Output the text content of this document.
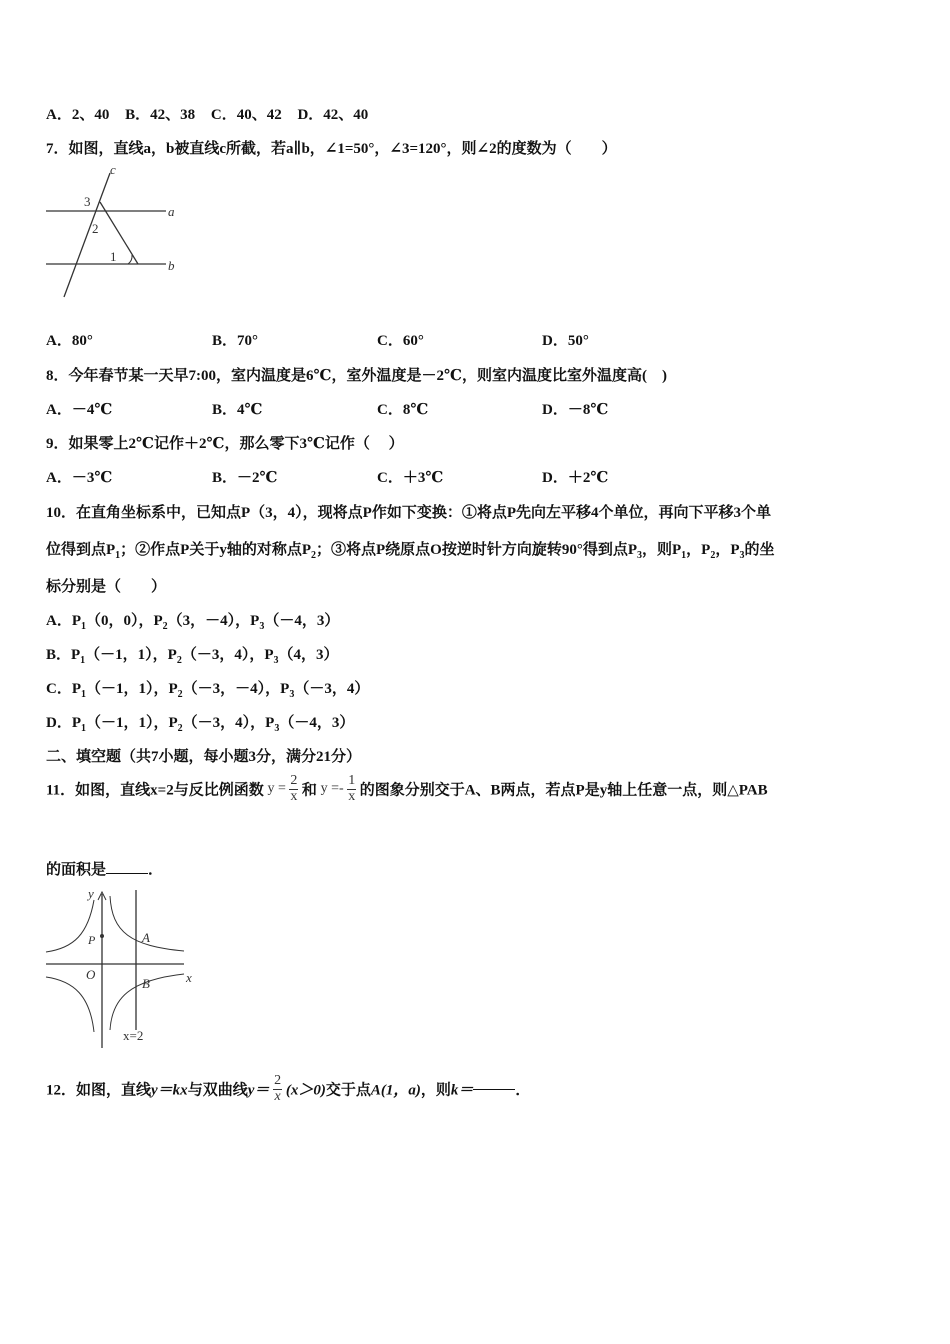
A．2、40 B．42、38 C．40、42 D．42、40
7．如图，直线a，b被直线c所截，若a∥b，∠1=50°，∠3=120°，则∠2的度数为（　　）
c
a
b
3
2
1
A．80°	B．70°	C．60°	D．50°
8．今年春节某一天早7:00，室内温度是6℃，室外温度是－2℃，则室内温度比室外温度高(　)
A．－4℃	B．4℃	C．8℃	D．－8℃
9．如果零上2℃记作＋2℃，那么零下3℃记作（　 ）
A．－3℃	B．－2℃	C．＋3℃	D．＋2℃
10．在直角坐标系中，已知点P（3，4），现将点P作如下变换：①将点P先向左平移4个单位，再向下平移3个单
位得到点$P_1$；②作点P关于y轴的对称点$P_2$；③将点P绕原点O按逆时针方向旋转90°得到点$P_3$，则$P_1$，$P_2$，$P_3$的坐
标分别是（　　）
A．$P_1(0$，0），$P_2(3$，－4），$P_3(-4$，3）
B．$P_1(-1$，1），$P_2(-3$，4），$P_3(4$，3）
C．$P_1(-1$，1），$P_2(-3$，－4），$P_3(-3$，4）
D．$P_1(-1$，1），$P_2(-3$，4），$P_3(-4$，3）
二、填空题（共7小题，每小题3分，满分21分）
11．如图，直线x=2与反比例函数 $y = \frac{2}{x}$ 和 $y =- \frac{1}{x}$ 的图象分别交于A、B两点，若点P是y轴上任意一点，则△PAB
的面积是	．
y
x
O
P	A
B
x=2
12．如图，直线y＝kx与双曲线$y= \frac{2}{x} (x>0)$交于点A(1，a)，则k＝	．
